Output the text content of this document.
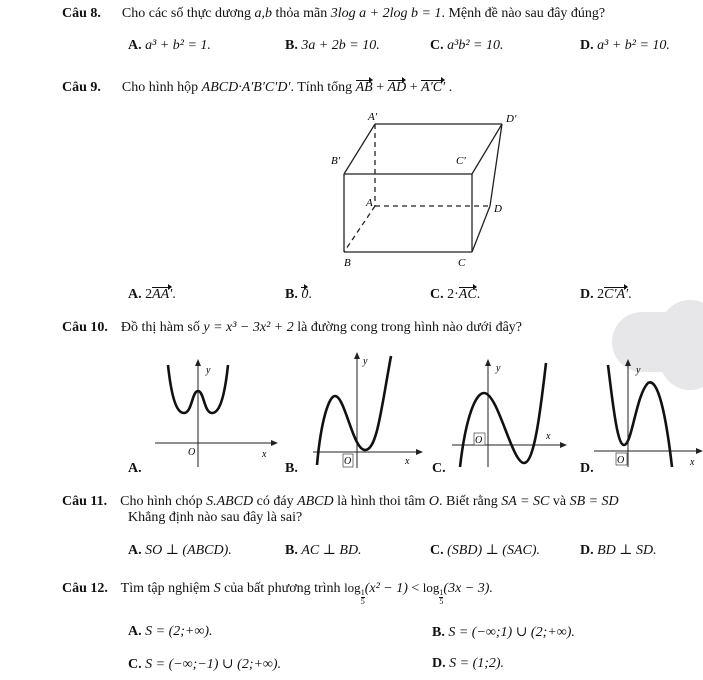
Câu 8. Cho các số thực dương a,b thỏa mãn 3log a + 2log b = 1. Mệnh đề nào sau đây đúng?
A. a³ + b² = 1.	B. 3a + 2b = 10.	C. a³b² = 10.	D. a³ + b² = 10.
Câu 9. Cho hình hộp ABCD·A′B′C′D′. Tính tổng AB + AD + A′C′ .
A′	D′
B′	C′
A	D
B	C
A. 2AA′.	B. 0.	C. 2·AC.	D. 2C′A′.
Câu 10. Đồ thị hàm số y = x³ − 3x² + 2 là đường cong trong hình nào dưới đây?
y
x
O
A.
y
x
O
B.
y
x
O
C.
y
x
O
D.
Câu 11. Cho hình chóp S.ABCD có đáy ABCD là hình thoi tâm O. Biết rằng SA = SC và SB = SD
Khẳng định nào sau đây là sai?
A. SO ⊥ (ABCD).	B. AC ⊥ BD.	C. (SBD) ⊥ (SAC).	D. BD ⊥ SD.
Câu 12. Tìm tập nghiệm S của bất phương trình log
$\frac{1}{5}$
(x² − 1) < log
$\frac{1}{5}$
(3x − 3).
A. S = (2;+∞).	B. S = (−∞;1) ∪ (2;+∞).
C. S = (−∞;−1) ∪ (2;+∞).	D. S = (1;2).
